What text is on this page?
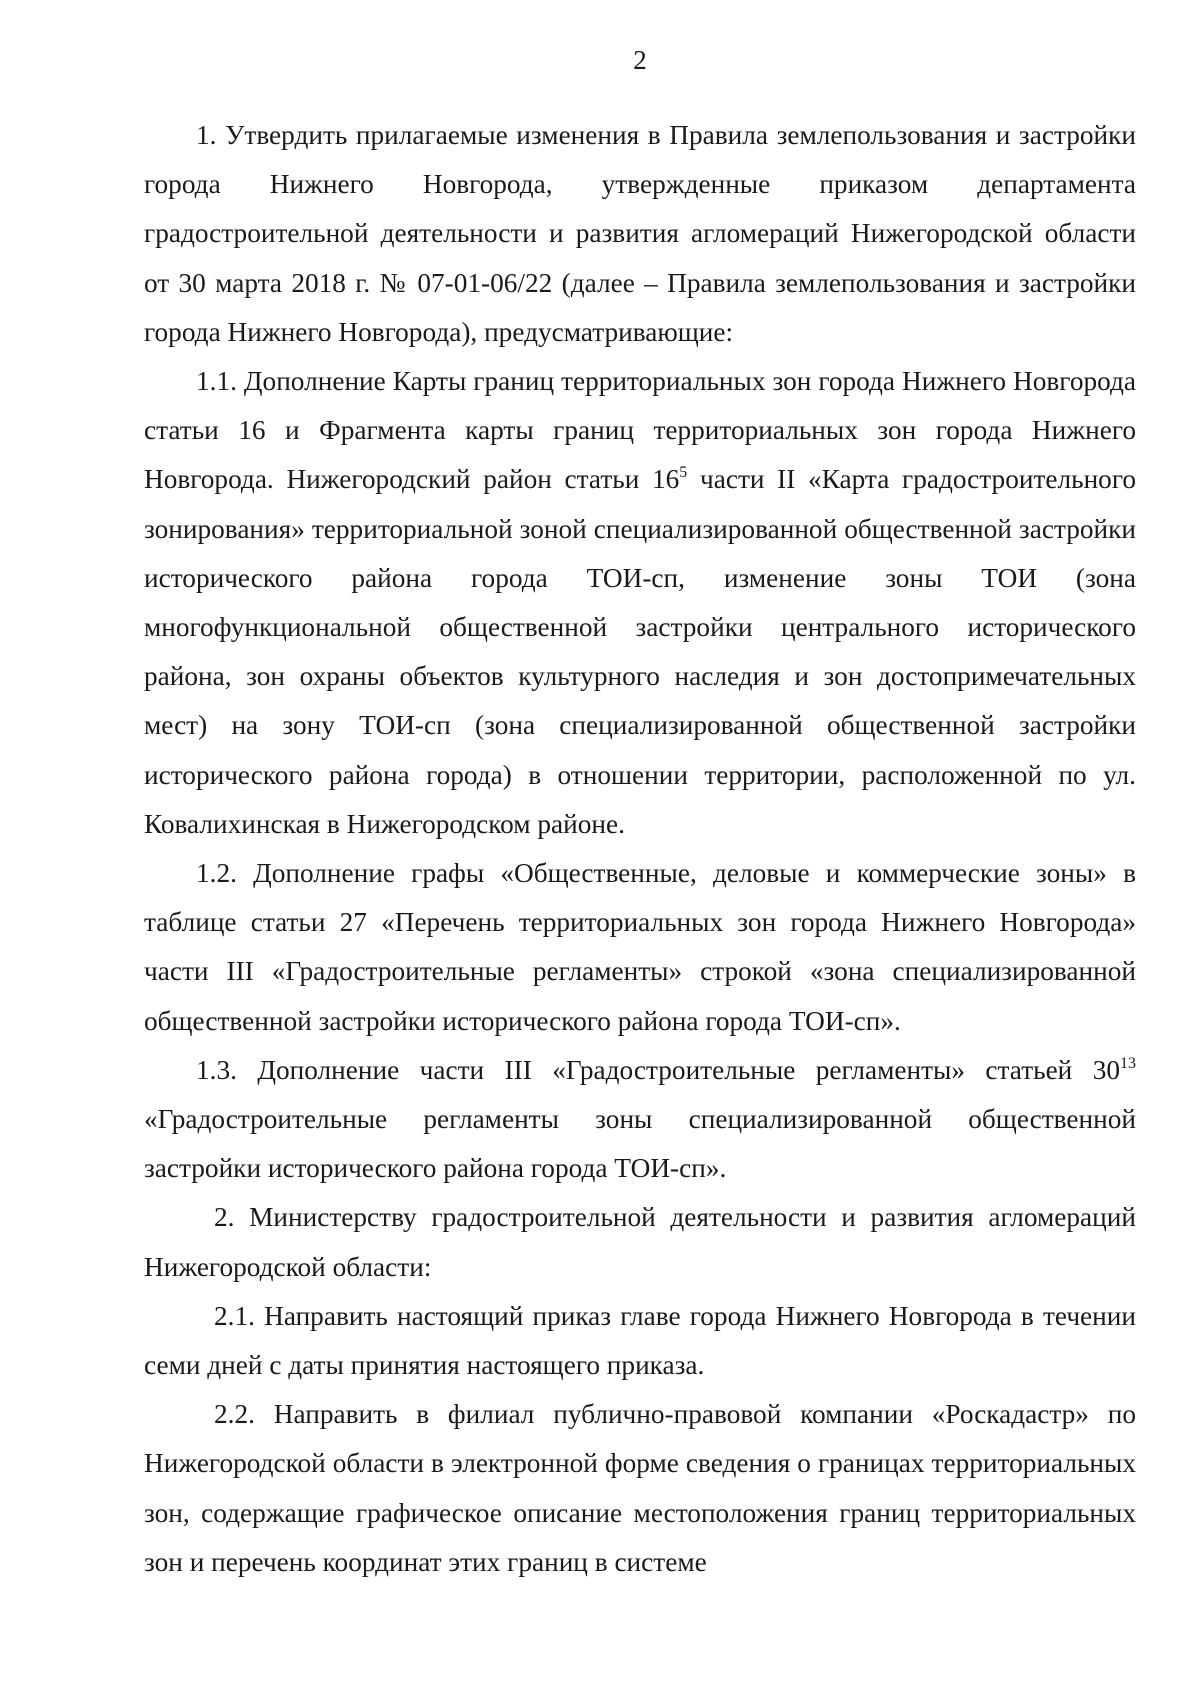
2

1. Утвердить прилагаемые изменения в Правила землепользования и застройки города Нижнего Новгорода, утвержденные приказом департамента градостроительной деятельности и развития агломераций Нижегородской области от 30 марта 2018 г. № 07-01-06/22 (далее – Правила землепользования и застройки города Нижнего Новгорода), предусматривающие:

1.1. Дополнение Карты границ территориальных зон города Нижнего Новгорода статьи 16 и Фрагмента карты границ территориальных зон города Нижнего Новгорода. Нижегородский район статьи $16^5$ части II «Карта градостроительного зонирования» территориальной зоной специализированной общественной застройки исторического района города ТОИ-сп, изменение зоны ТОИ (зона многофункциональной общественной застройки центрального исторического района, зон охраны объектов культурного наследия и зон достопримечательных мест) на зону ТОИ-сп (зона специализированной общественной застройки исторического района города) в отношении территории, расположенной по ул. Ковалихинская в Нижегородском районе.

1.2. Дополнение графы «Общественные, деловые и коммерческие зоны» в таблице статьи 27 «Перечень территориальных зон города Нижнего Новгорода» части III «Градостроительные регламенты» строкой «зона специализированной общественной застройки исторического района города ТОИ-сп».

1.3. Дополнение части III «Градостроительные регламенты» статьей $30^{13}$ «Градостроительные регламенты зоны специализированной общественной застройки исторического района города ТОИ-сп».

2. Министерству градостроительной деятельности и развития агломераций Нижегородской области:

2.1. Направить настоящий приказ главе города Нижнего Новгорода в течении семи дней с даты принятия настоящего приказа.

2.2. Направить в филиал публично-правовой компании «Роскадастр» по Нижегородской области в электронной форме сведения о границах территориальных зон, содержащие графическое описание местоположения границ территориальных зон и перечень координат этих границ в системе
